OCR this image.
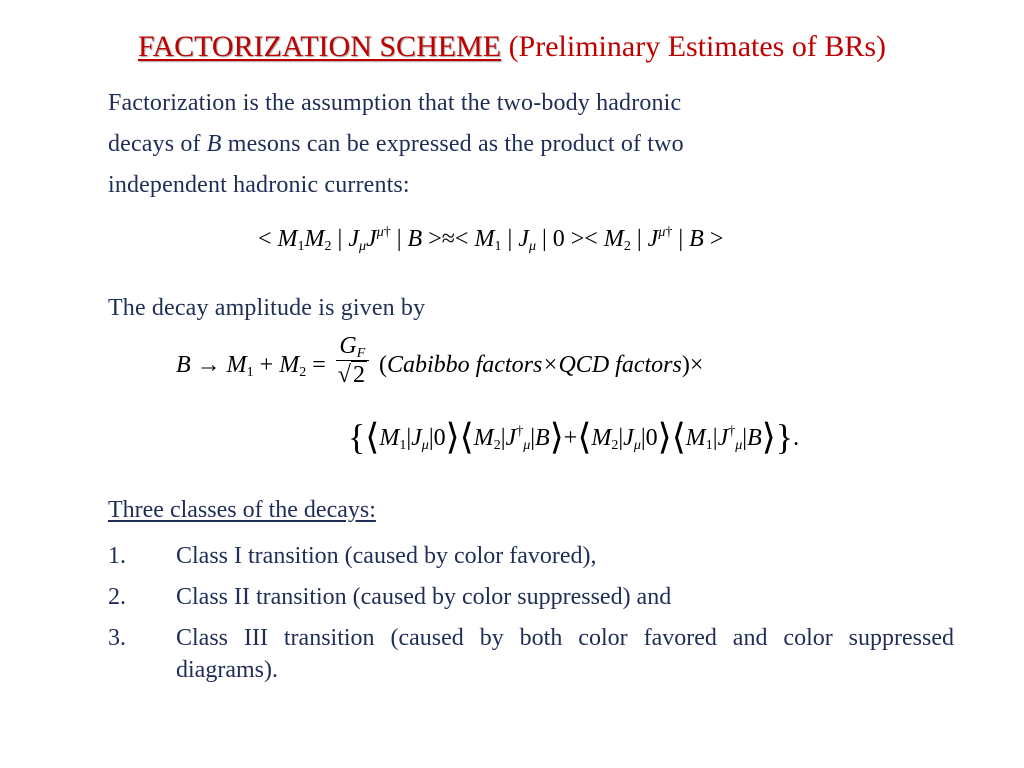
FACTORIZATION SCHEME (Preliminary Estimates of BRs)
Factorization is the assumption that the two-body hadronic
decays of B mesons can be expressed as the product of two
independent hadronic currents:
< $M_1M_2$ | $J_\mu J^{\mu\dagger}$ | B >≈< $M_1$ | $J_\mu$ | $0 >< M_2$ | $J^{\mu\dagger}$ | B >
The decay amplitude is given by
$B \to M_1 + M_2 = \frac{G_F}{√2}$ (Cabibbo factors×QCD factors)×
$\{⟨M_1|J_\mu|0⟩⟨M_2|J^\dagger_\mu|B⟩+⟨M_2|J_\mu|0⟩⟨M_1|J^\dagger_\mu|B⟩\}$.
Three classes of the decays:
1. Class I transition (caused by color favored),
2. Class II transition (caused by color suppressed) and
3. Class III transition (caused by both color favored and color suppressed diagrams).
